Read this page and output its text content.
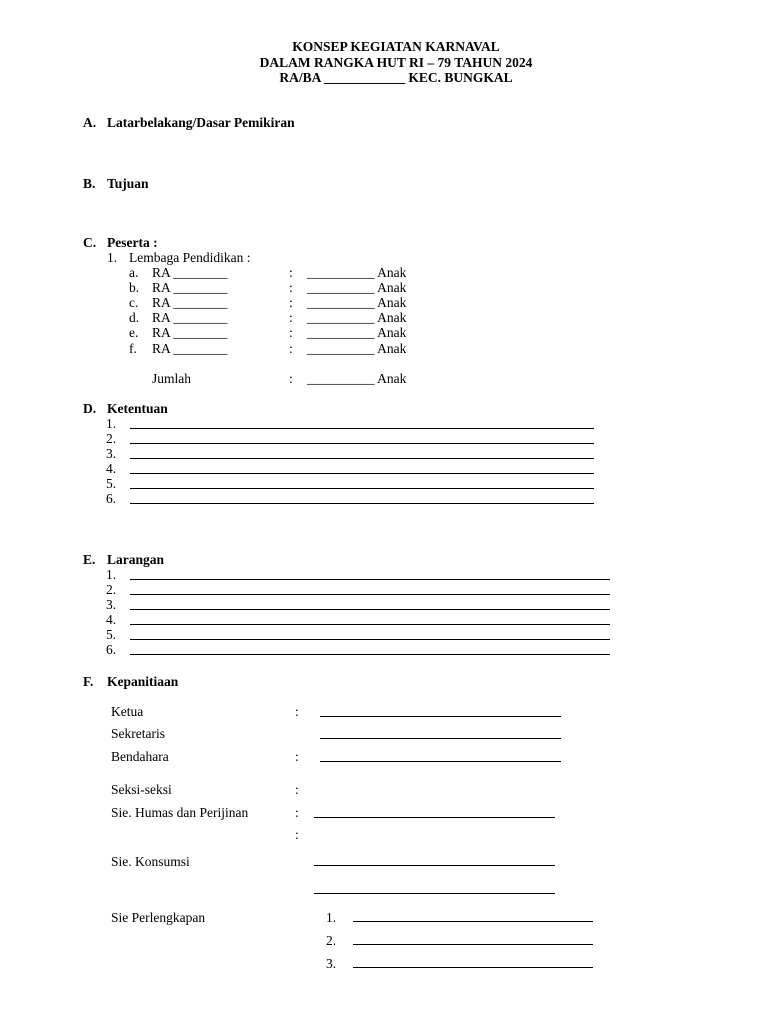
KONSEP KEGIATAN KARNAVAL
DALAM RANGKA HUT RI – 79 TAHUN 2024
RA/BA ____________ KEC. BUNGKAL
A. Latarbelakang/Dasar Pemikiran
B. Tujuan
C. Peserta :
1. Lembaga Pendidikan :
a. RA ________	: __________ Anak
b. RA ________	: __________ Anak
c. RA ________	: __________ Anak
d. RA ________	: __________ Anak
e. RA ________	: __________ Anak
f. RA ________	: __________ Anak
Jumlah	: __________ Anak
D. Ketentuan
1.
2.
3.
4.
5.
6.
E. Larangan
1.
2.
3.
4.
5.
6.
F. Kepanitiaan
Ketua	:
Sekretaris
Bendahara	:
Seksi-seksi	:
Sie. Humas dan Perijinan	:
:
Sie. Konsumsi
Sie Perlengkapan	1.
2.
3.
